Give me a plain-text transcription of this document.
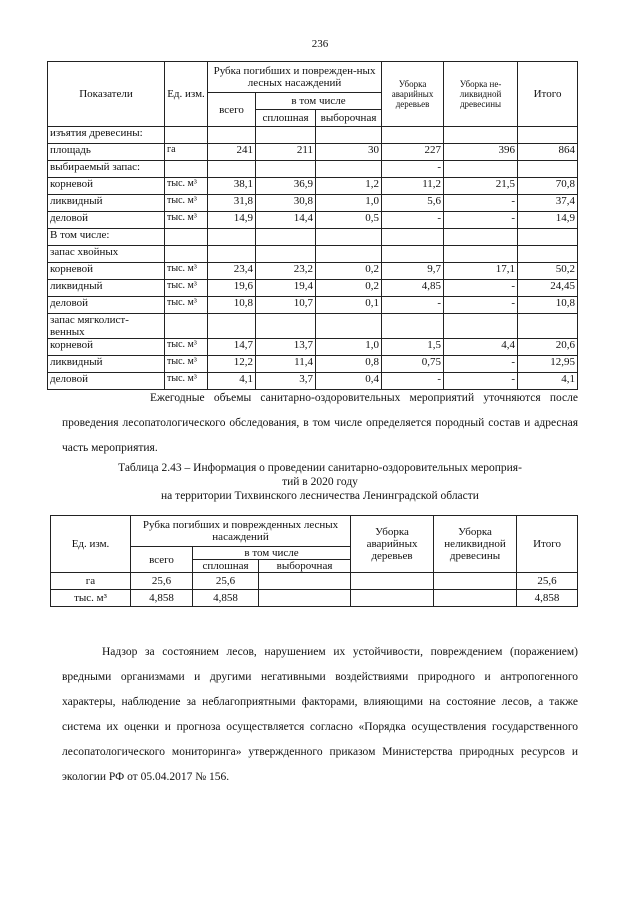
236
Показатели	Ед. изм.	Рубка погибших и поврежден-ных лесных насаждений			Уборка аварийных деревьев	Уборка не-ликвидной древесины	Итого
		всего	в том числе				
			сплошная	выборочная			
изъятия древесины:							
площадь	га	241	211	30	227	396	864
выбираемый запас:					-		
корневой	тыс. м³	38,1	36,9	1,2	11,2	21,5	70,8
ликвидный	тыс. м³	31,8	30,8	1,0	5,6	-	37,4
деловой	тыс. м³	14,9	14,4	0,5	-	-	14,9
В том числе:							
запас хвойных							
корневой	тыс. м³	23,4	23,2	0,2	9,7	17,1	50,2
ликвидный	тыс. м³	19,6	19,4	0,2	4,85	-	24,45
деловой	тыс. м³	10,8	10,7	0,1	-	-	10,8
запас мягколист-венных							
корневой	тыс. м³	14,7	13,7	1,0	1,5	4,4	20,6
ликвидный	тыс. м³	12,2	11,4	0,8	0,75	-	12,95
деловой	тыс. м³	4,1	3,7	0,4	-	-	4,1
Ежегодные объемы санитарно-оздоровительных мероприятий уточняются после проведения лесопатологического обследования, в том числе определяется породный состав и адресная часть мероприятия.
Таблица 2.43 – Информация о проведении санитарно-оздоровительных мероприя-
тий в 2020 году
на территории Тихвинского лесничества Ленинградской области
Ед. изм.	Рубка погибших и поврежденных лесных насаждений			Уборка аварийных деревьев	Уборка неликвидной древесины	Итого
	всего	в том числе				
		сплошная	выборочная			
га	25,6	25,6				25,6
тыс. м³	4,858	4,858				4,858
Надзор за состоянием лесов, нарушением их устойчивости, повреждением (поражением) вредными организмами и другими негативными воздействиями природного и антропогенного характеры, наблюдение за неблагоприятными факторами, влияющими на состояние лесов, а также система их оценки и прогноза осуществляется согласно «Порядка осуществления государственного лесопатологического мониторинга» утвержденного приказом Министерства природных ресурсов и экологии РФ от 05.04.2017 № 156.
